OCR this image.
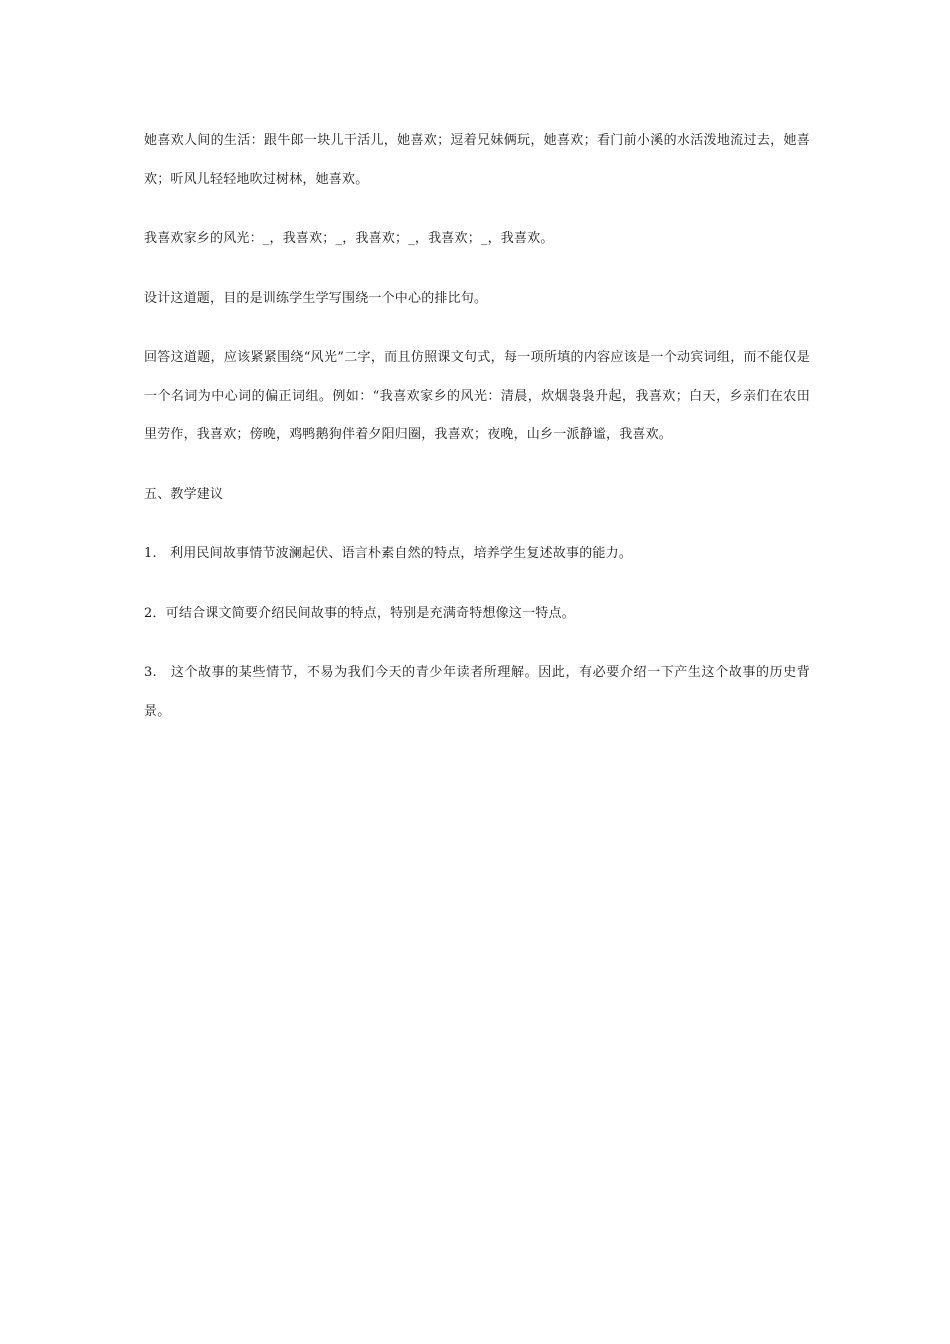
她喜欢人间的生活：跟牛郎一块儿干活儿，她喜欢；逗着兄妹俩玩，她喜欢；看门前小溪的水活泼地流过去，她喜欢；听风儿轻轻地吹过树林，她喜欢。

我喜欢家乡的风光：_，我喜欢；_，我喜欢；_，我喜欢；_，我喜欢。

设计这道题，目的是训练学生学写围绕一个中心的排比句。

回答这道题，应该紧紧围绕“风光”二字，而且仿照课文句式，每一项所填的内容应该是一个动宾词组，而不能仅是一个名词为中心词的偏正词组。例如：“我喜欢家乡的风光：清晨，炊烟袅袅升起，我喜欢；白天，乡亲们在农田里劳作，我喜欢；傍晚，鸡鸭鹅狗伴着夕阳归圈，我喜欢；夜晚，山乡一派静谧，我喜欢。

五、教学建议

1.　利用民间故事情节波澜起伏、语言朴素自然的特点，培养学生复述故事的能力。

2．可结合课文简要介绍民间故事的特点，特别是充满奇特想像这一特点。

3.　这个故事的某些情节，不易为我们今天的青少年读者所理解。因此，有必要介绍一下产生这个故事的历史背景。
